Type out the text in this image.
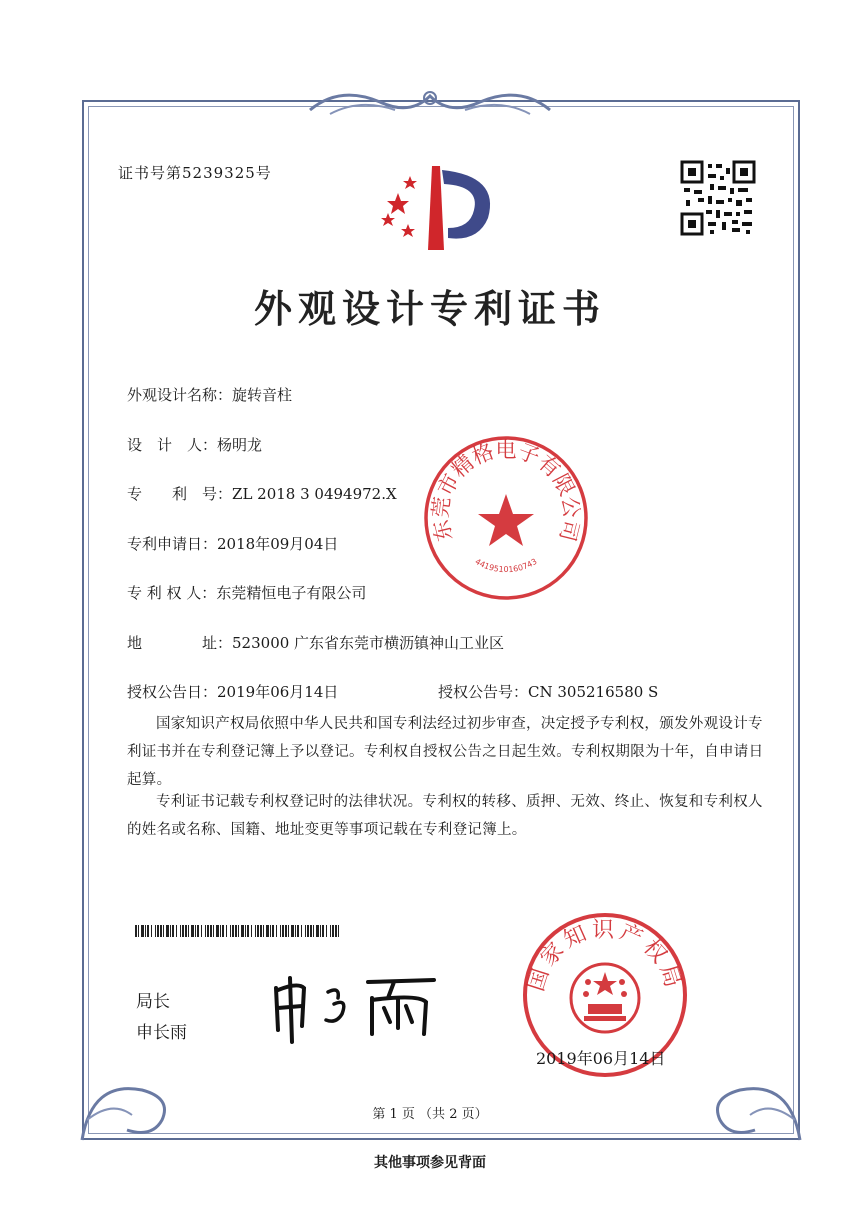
证书号第5239325号
外观设计专利证书
外观设计名称：旋转音柱
设　计　人：杨明龙
专　　利　号：ZL 2018 3 0494972.X
专利申请日：2018年09月04日
专 利 权 人：东莞精恒电子有限公司
地　　　　址：523000 广东省东莞市横沥镇神山工业区
授权公告日：2019年06月14日	授权公告号：CN 305216580 S
国家知识产权局依照中华人民共和国专利法经过初步审查，决定授予专利权，颁发外观设计专利证书并在专利登记簿上予以登记。专利权自授权公告之日起生效。专利权期限为十年，自申请日起算。
专利证书记载专利权登记时的法律状况。专利权的转移、质押、无效、终止、恢复和专利权人的姓名或名称、国籍、地址变更等事项记载在专利登记簿上。
东莞市精格电子有限公司
4419510160743
局长
申长雨
国家知识产权局
2019年06月14日
第 1 页 （共 2 页）
其他事项参见背面
